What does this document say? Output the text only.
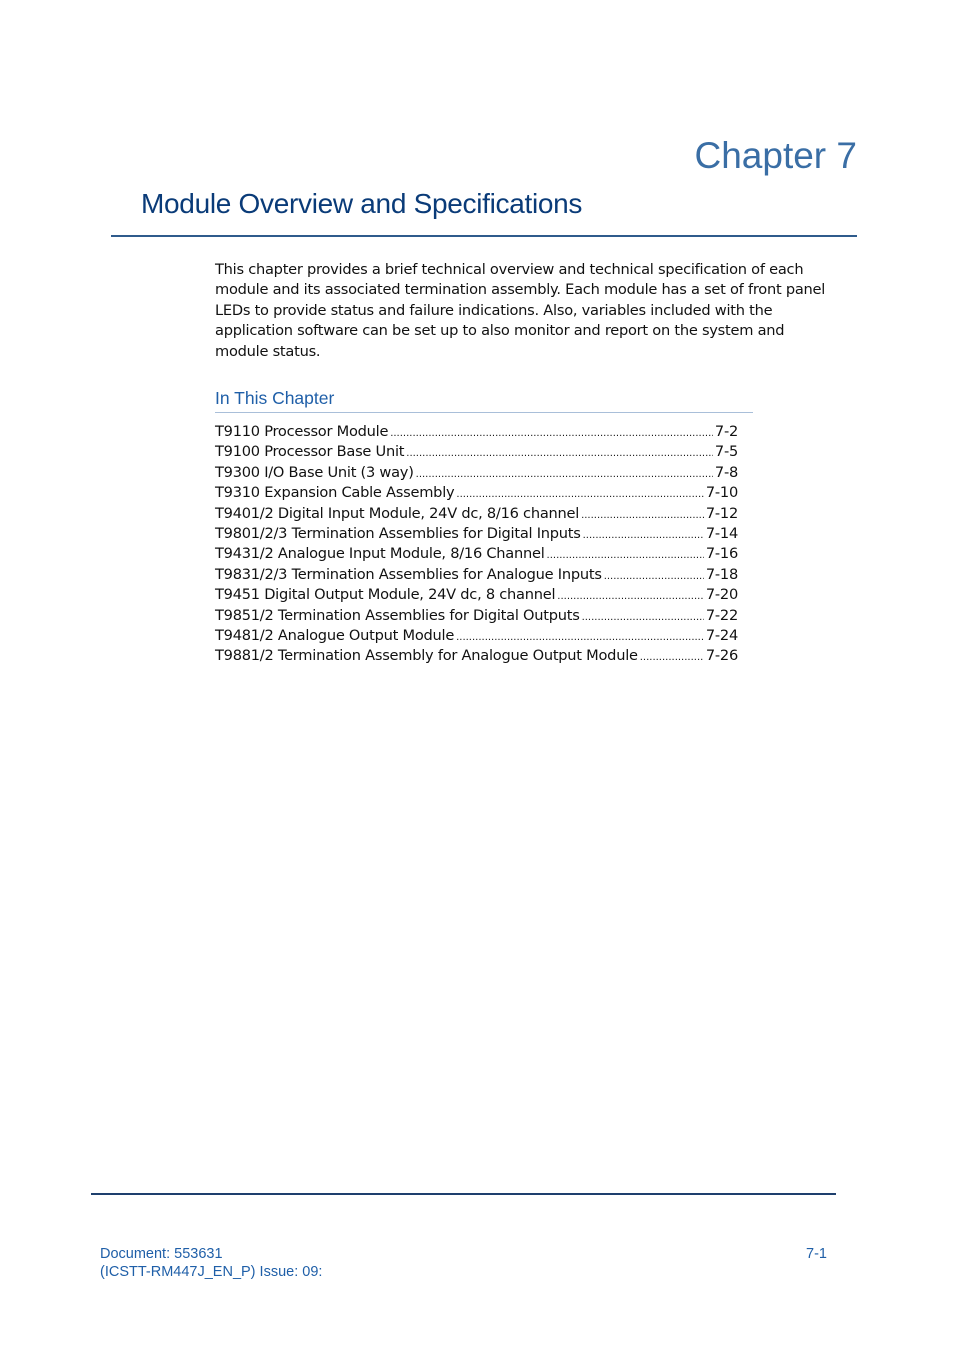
Chapter 7
Module Overview and Specifications
This chapter provides a brief technical overview and technical specification of each
module and its associated termination assembly. Each module has a set of front panel
LEDs to provide status and failure indications. Also, variables included with the
application software can be set up to also monitor and report on the system and
module status.
In This Chapter
T9110 Processor Module .....	7-2
T9100 Processor Base Unit .....	7-5
T9300 I/O Base Unit (3 way) .....	7-8
T9310 Expansion Cable Assembly .....	7-10
T9401/2 Digital Input Module, 24V dc, 8/16 channel .....	7-12
T9801/2/3 Termination Assemblies for Digital Inputs .....	7-14
T9431/2 Analogue Input Module, 8/16 Channel .....	7-16
T9831/2/3 Termination Assemblies for Analogue Inputs .....	7-18
T9451 Digital Output Module, 24V dc, 8 channel .....	7-20
T9851/2 Termination Assemblies for Digital Outputs .....	7-22
T9481/2 Analogue Output Module .....	7-24
T9881/2 Termination Assembly for Analogue Output Module .....	7-26
Document: 553631
(ICSTT-RM447J_EN_P) Issue: 09:
7-1
